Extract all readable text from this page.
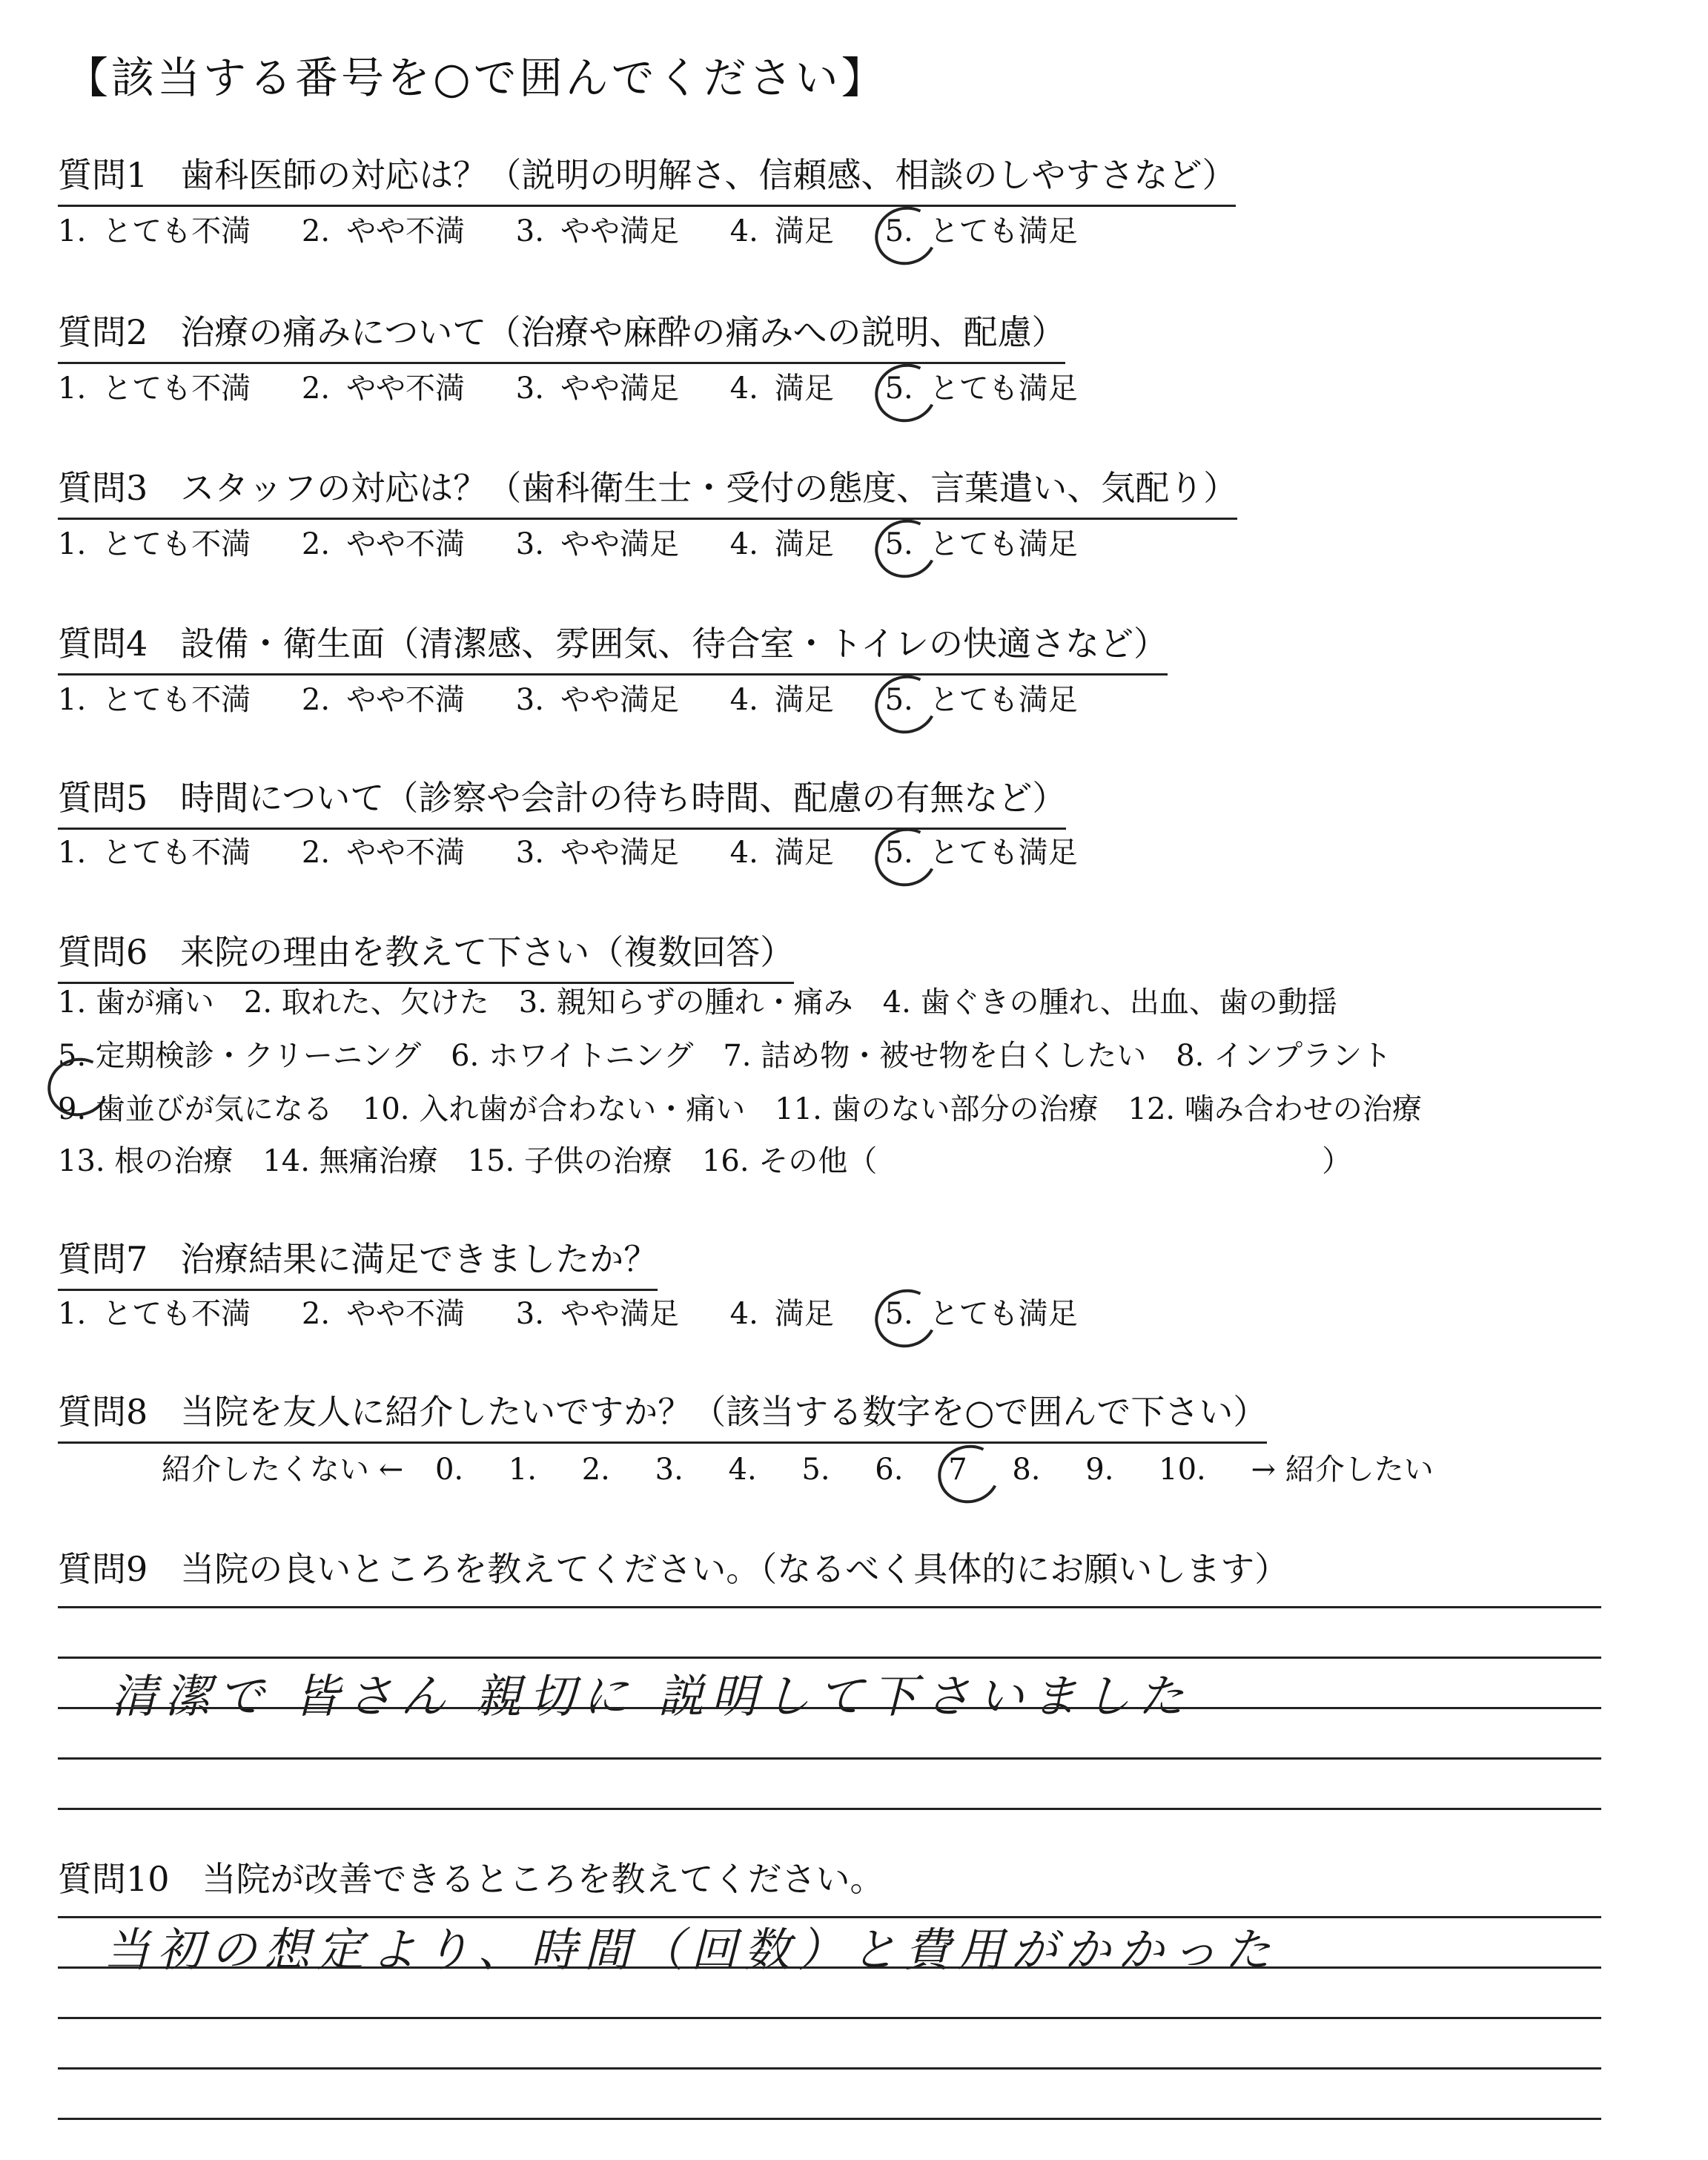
【該当する番号を○で囲んでください】
質問1 歯科医師の対応は？（説明の明解さ、信頼感、相談のしやすさなど）
1. とても不満 2. やや不満 3. やや満足 4. 満足 5. とても満足
質問2 治療の痛みについて（治療や麻酔の痛みへの説明、配慮）
1. とても不満 2. やや不満 3. やや満足 4. 満足 5. とても満足
質問3 スタッフの対応は？（歯科衛生士・受付の態度、言葉遣い、気配り）
1. とても不満 2. やや不満 3. やや満足 4. 満足 5. とても満足
質問4 設備・衛生面（清潔感、雰囲気、待合室・トイレの快適さなど）
1. とても不満 2. やや不満 3. やや満足 4. 満足 5. とても満足
質問5 時間について（診察や会計の待ち時間、配慮の有無など）
1. とても不満 2. やや不満 3. やや満足 4. 満足 5. とても満足
質問6 来院の理由を教えて下さい（複数回答）
1. 歯が痛い　2. 取れた、欠けた　3. 親知らずの腫れ・痛み　4. 歯ぐきの腫れ、出血、歯の動揺
5. 定期検診・クリーニング　6. ホワイトニング　7. 詰め物・被せ物を白くしたい　8. インプラント
9. 歯並びが気になる　10. 入れ歯が合わない・痛い　11. 歯のない部分の治療　12. 噛み合わせの治療
13. 根の治療　14. 無痛治療　15. 子供の治療　16. その他（　　　　　　　　　　　　　　　）
質問7 治療結果に満足できましたか？
1. とても不満 2. やや不満 3. やや満足 4. 満足 5. とても満足
質問8 当院を友人に紹介したいですか？（該当する数字を○で囲んで下さい）
紹介したくない ← 0. 1. 2. 3. 4. 5. 6. 7 8. 9. 10. → 紹介したい
質問9 当院の良いところを教えてください。（なるべく具体的にお願いします）
清潔で 皆さん 親切に 説明して下さいました
質問10 当院が改善できるところを教えてください。
当初の想定より、時間（回数）と費用がかかった
